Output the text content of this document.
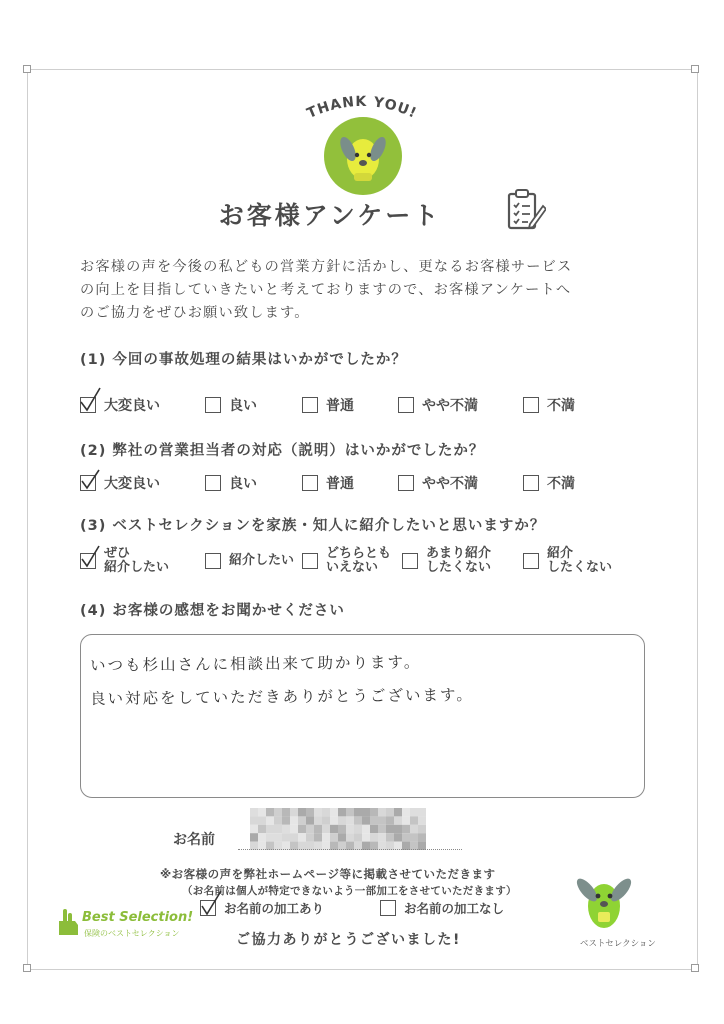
THANK YOU!
お客様アンケート
お客様の声を今後の私どもの営業方針に活かし、更なるお客様サービス
の向上を目指していきたいと考えておりますので、お客様アンケートへ
のご協力をぜひお願い致します。
(1) 今回の事故処理の結果はいかがでしたか？
大変良い	良い	普通	やや不満	不満
(2) 弊社の営業担当者の対応（説明）はいかがでしたか？
大変良い	良い	普通	やや不満	不満
(3) ベストセレクションを家族・知人に紹介したいと思いますか？
ぜひ
紹介したい	紹介したい どちらとも
いえない
あまり紹介
したくない
紹介
したくない
(4) お客様の感想をお聞かせください
いつも杉山さんに相談出来て助かります。
良い対応をしていただきありがとうございます。
お名前
※お客様の声を弊社ホームページ等に掲載させていただきます
（お名前は個人が特定できないよう一部加工をさせていただきます）
お名前の加工あり	お名前の加工なし
ご協力ありがとうございました!
Best Selection!
保険のベストセレクション
ベストセレクション
